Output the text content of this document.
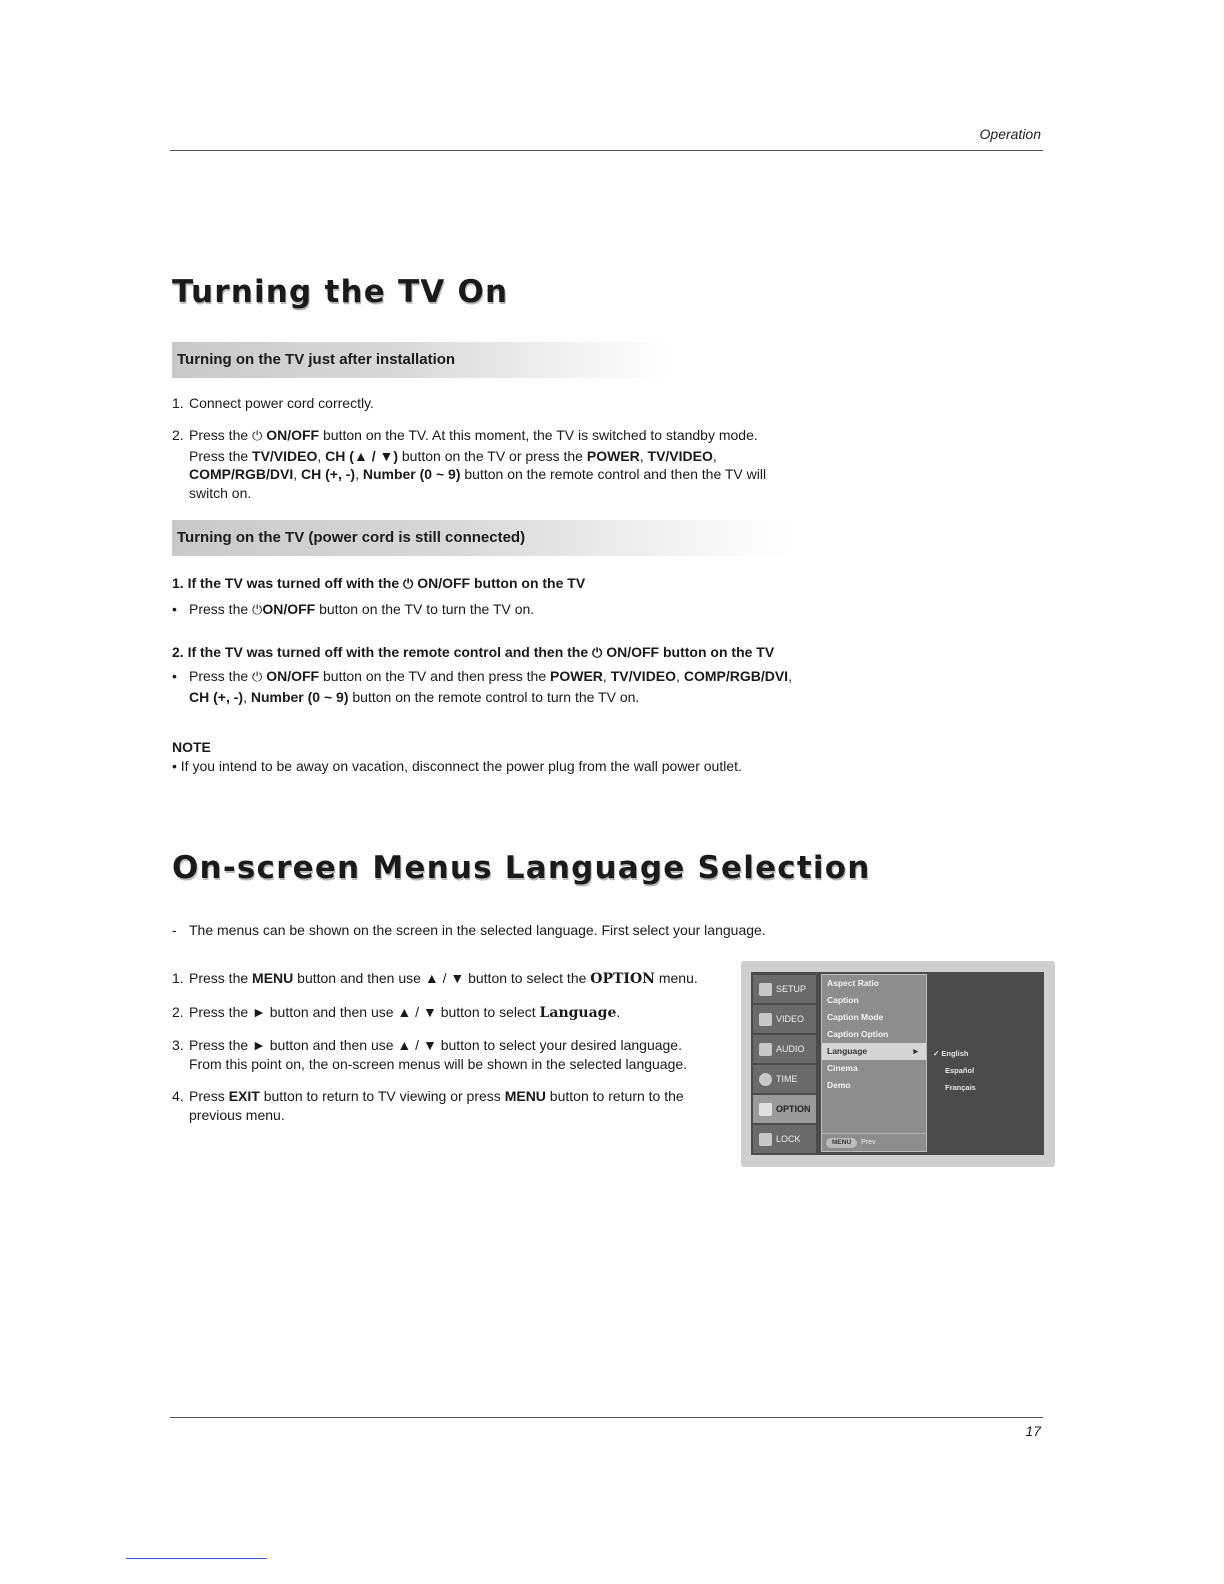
Operation
Turning the TV On
Turning on the TV just after installation
1. Connect power cord correctly.
2. Press the ⏻ ON/OFF button on the TV. At this moment, the TV is switched to standby mode.
Press the TV/VIDEO, CH (▲ / ▼) button on the TV or press the POWER, TV/VIDEO,
COMP/RGB/DVI, CH (+, -), Number (0 ~ 9) button on the remote control and then the TV will
switch on.
Turning on the TV (power cord is still connected)
1. If the TV was turned off with the ⏻ ON/OFF button on the TV
• Press the ⏻ON/OFF button on the TV to turn the TV on.
2. If the TV was turned off with the remote control and then the ⏻ ON/OFF button on the TV
• Press the ⏻ ON/OFF button on the TV and then press the POWER, TV/VIDEO, COMP/RGB/DVI,
CH (+, -), Number (0 ~ 9) button on the remote control to turn the TV on.
NOTE
• If you intend to be away on vacation, disconnect the power plug from the wall power outlet.
On-screen Menus Language Selection
- The menus can be shown on the screen in the selected language. First select your language.
1. Press the MENU button and then use ▲ / ▼ button to select the OPTION menu.
2. Press the ► button and then use ▲ / ▼ button to select Language.
3. Press the ► button and then use ▲ / ▼ button to select your desired language.
From this point on, the on-screen menus will be shown in the selected language.
4. Press EXIT button to return to TV viewing or press MENU button to return to the
previous menu.
SETUP
VIDEO
AUDIO
TIME
OPTION
LOCK
Aspect Ratio
Caption
Caption Mode
Caption Option
Language	►
Cinema
Demo
MENU	Prev
✓ English
Español
Français
17
